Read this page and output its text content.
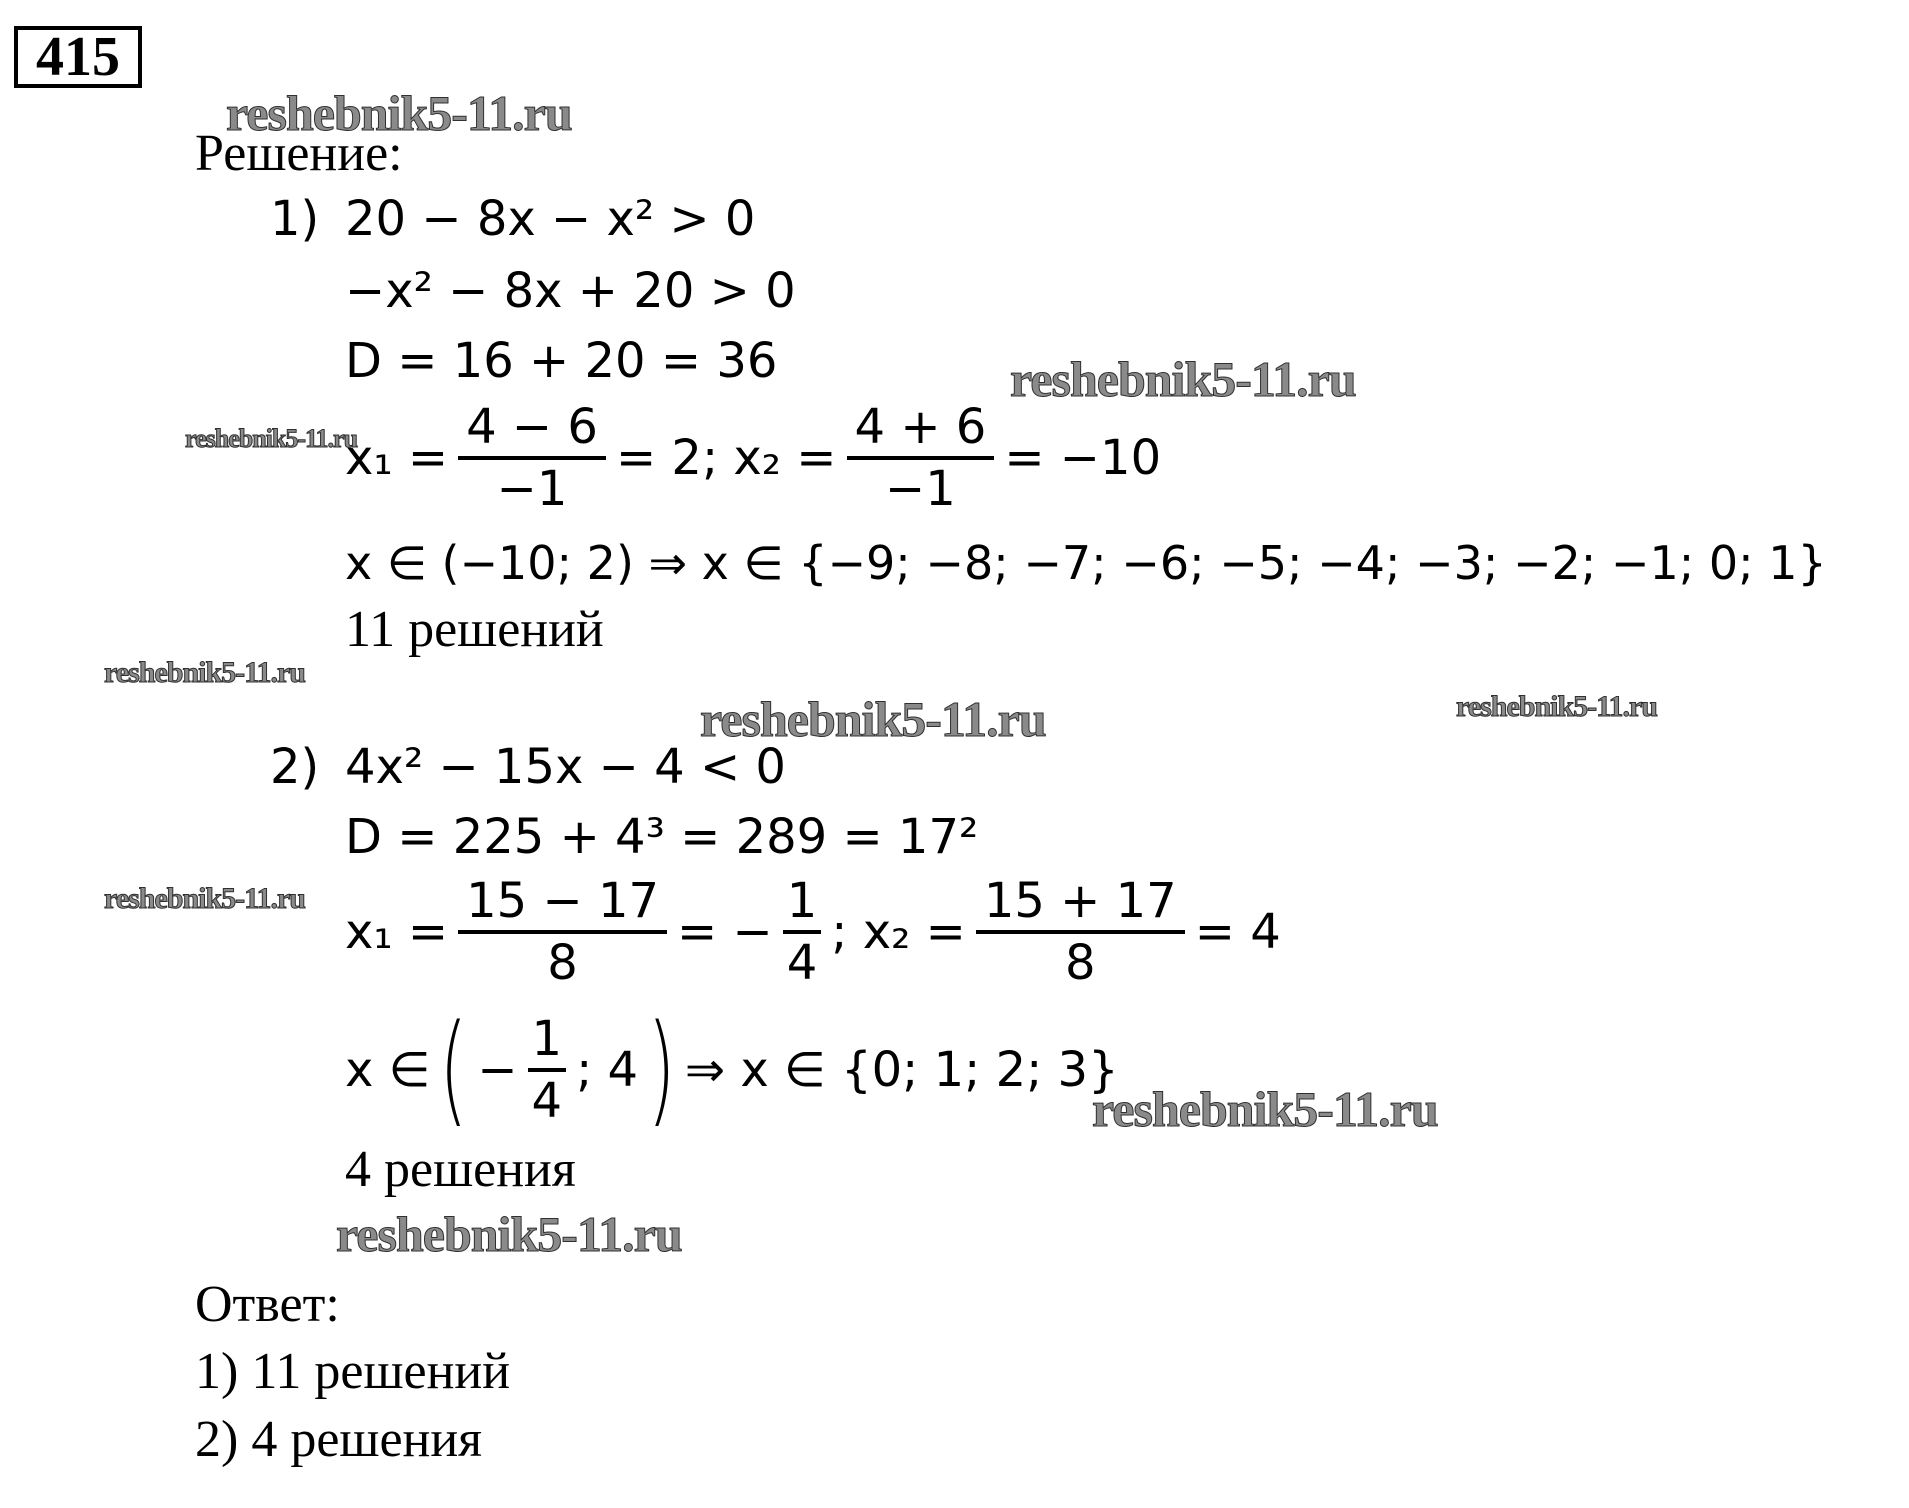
415
Решение:
1) 20 − 8x − x² > 0
−x² − 8x + 20 > 0
D = 16 + 20 = 36
$x_1 = \frac{4 - 6}{-1} = 2$; $x_2 = \frac{4 + 6}{-1} = -10$
x ∈ (−10; 2) ⇒ x ∈ {−9; −8; −7; −6; −5; −4; −3; −2; −1; 0; 1}
11 решений
2) 4x² − 15x − 4 < 0
D = 225 + 4³ = 289 = 17²
$x_1 = \frac{15 - 17}{8}$ = − $\frac{1}{4}$ ; $x_2 = \frac{15 + 17}{8} = 4$
x ∈ ( − $\frac{1}{4}$ ; 4 ) ⇒ x ∈ {0; 1; 2; 3}
4 решения
Ответ:
1) 11 решений
2) 4 решения
reshebnik5-11.ru
reshebnik5-11.ru
reshebnik5-11.ru
reshebnik5-11.ru
reshebnik5-11.ru	reshebnik5-11.ru
reshebnik5-11.ru
reshebnik5-11.ru
reshebnik5-11.ru
